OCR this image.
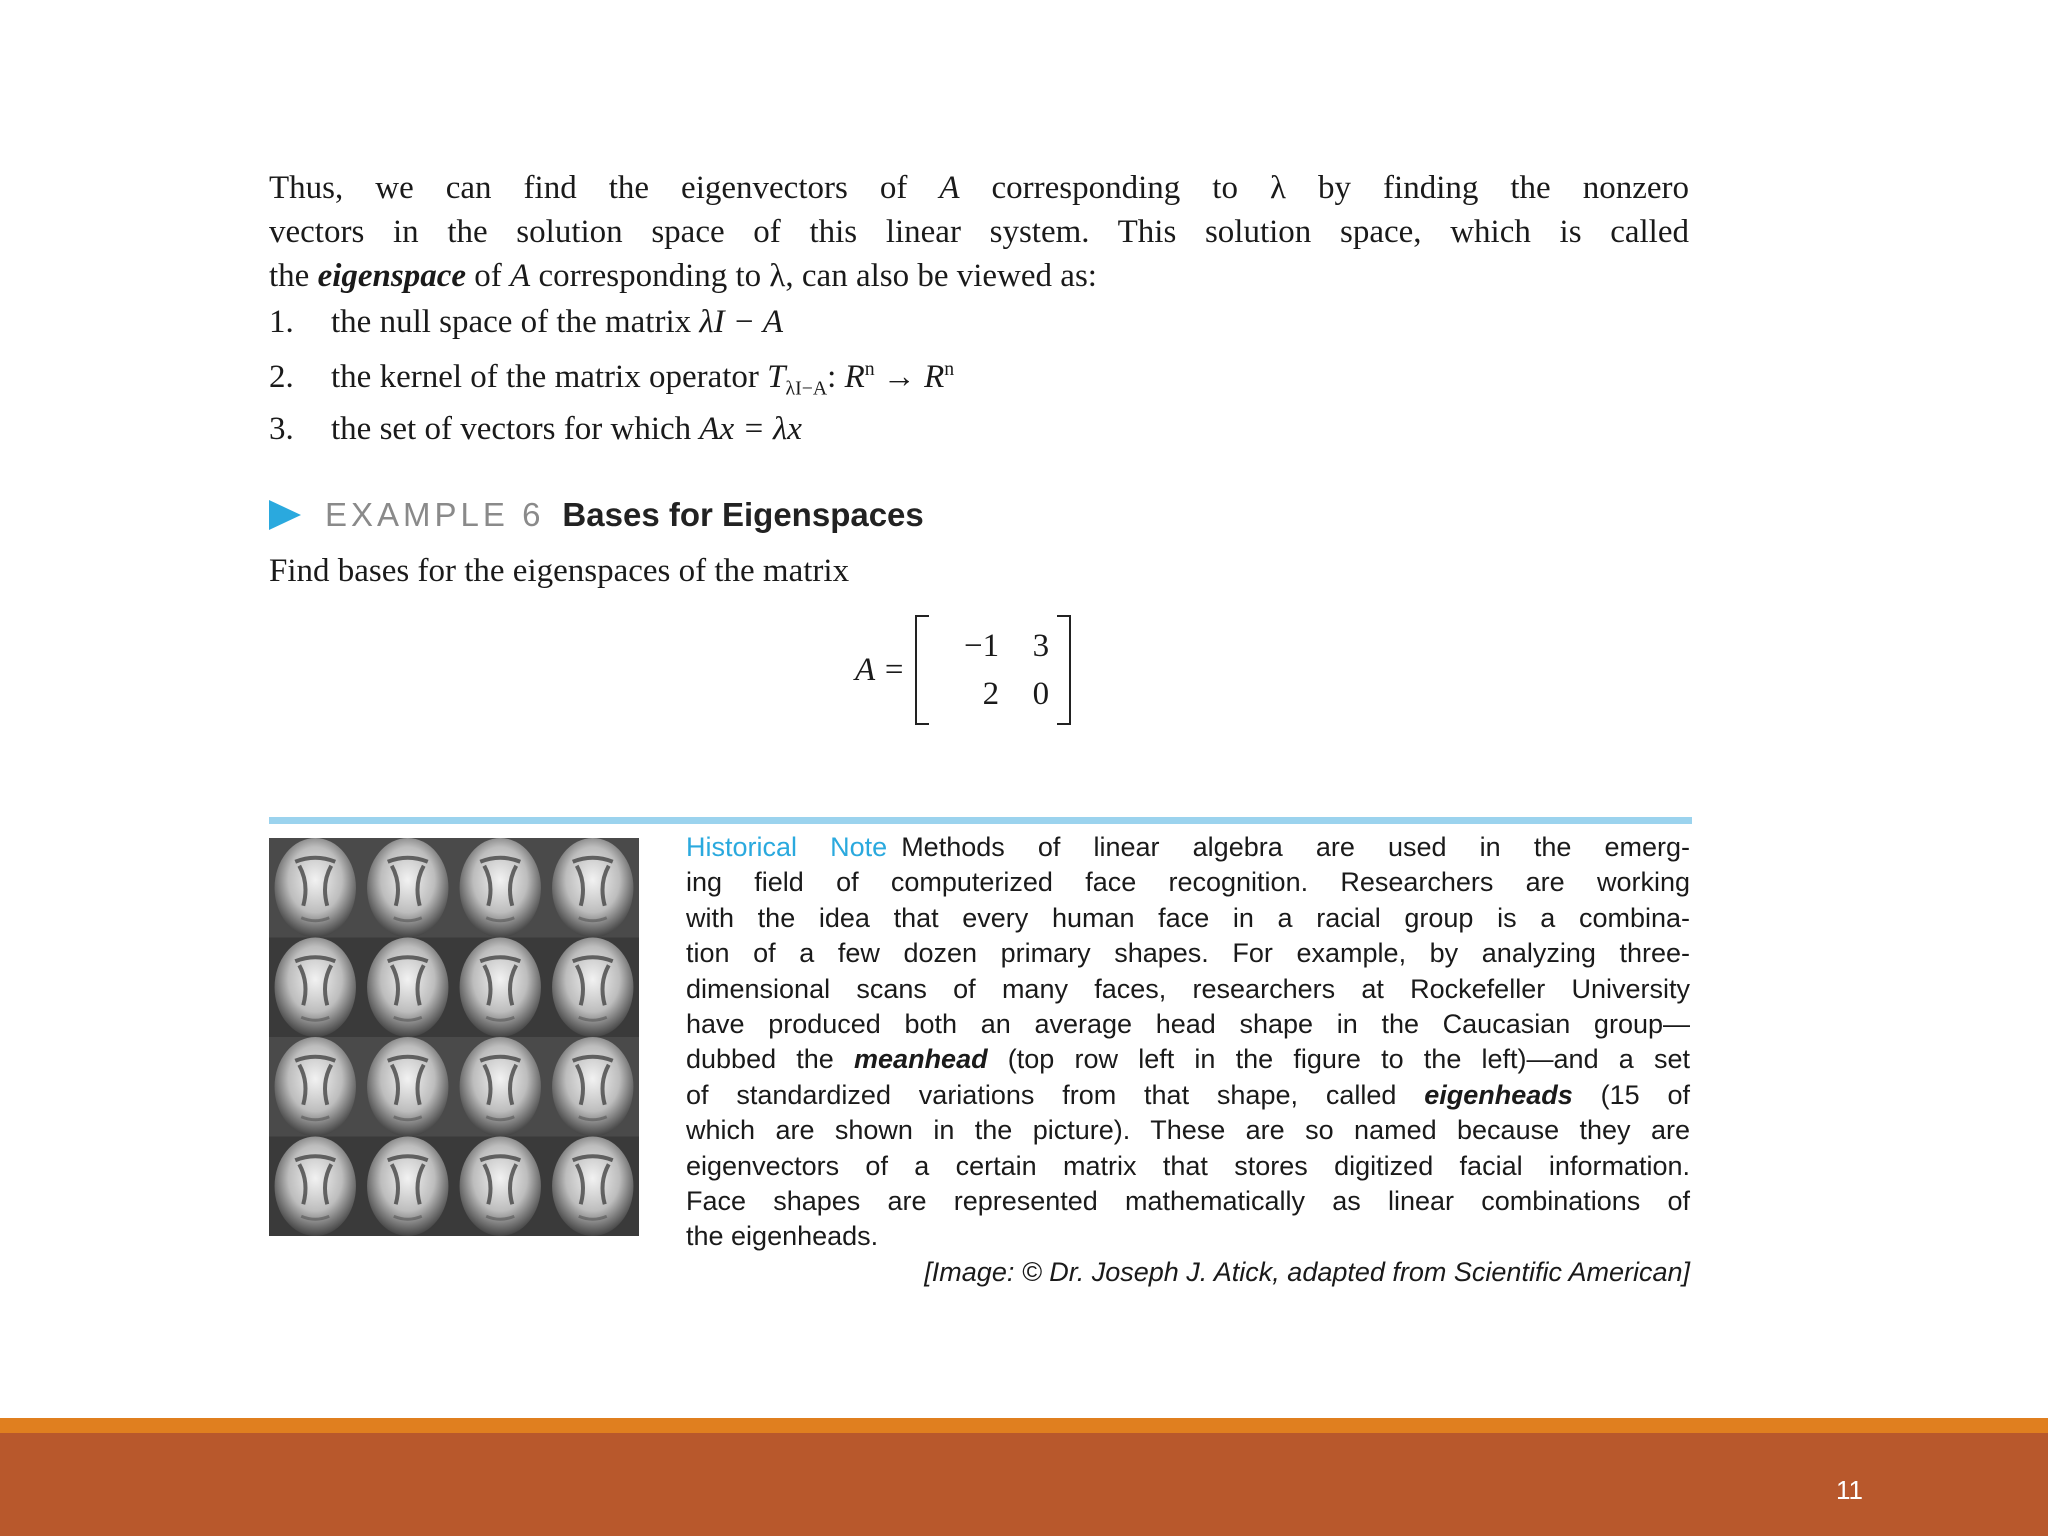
Thus, we can find the eigenvectors of A corresponding to λ by finding the nonzero
vectors in the solution space of this linear system. This solution space, which is called
the eigenspace of A corresponding to λ, can also be viewed as:
1. the null space of the matrix λI − A
2. the kernel of the matrix operator $T_{\lambda I-A}$: $R^n \to R^n$
3. the set of vectors for which Ax = λx
EXAMPLE 6 Bases for Eigenspaces
Find bases for the eigenspaces of the matrix
A =
−1 3
2 0
Historical Note Methods of linear algebra are used in the emerg-
ing field of computerized face recognition. Researchers are working
with the idea that every human face in a racial group is a combina-
tion of a few dozen primary shapes. For example, by analyzing three-
dimensional scans of many faces, researchers at Rockefeller University
have produced both an average head shape in the Caucasian group—
dubbed the meanhead (top row left in the figure to the left)—and a set
of standardized variations from that shape, called eigenheads (15 of
which are shown in the picture). These are so named because they are
eigenvectors of a certain matrix that stores digitized facial information.
Face shapes are represented mathematically as linear combinations of
the eigenheads.
[Image: © Dr. Joseph J. Atick, adapted from Scientific American]
11
